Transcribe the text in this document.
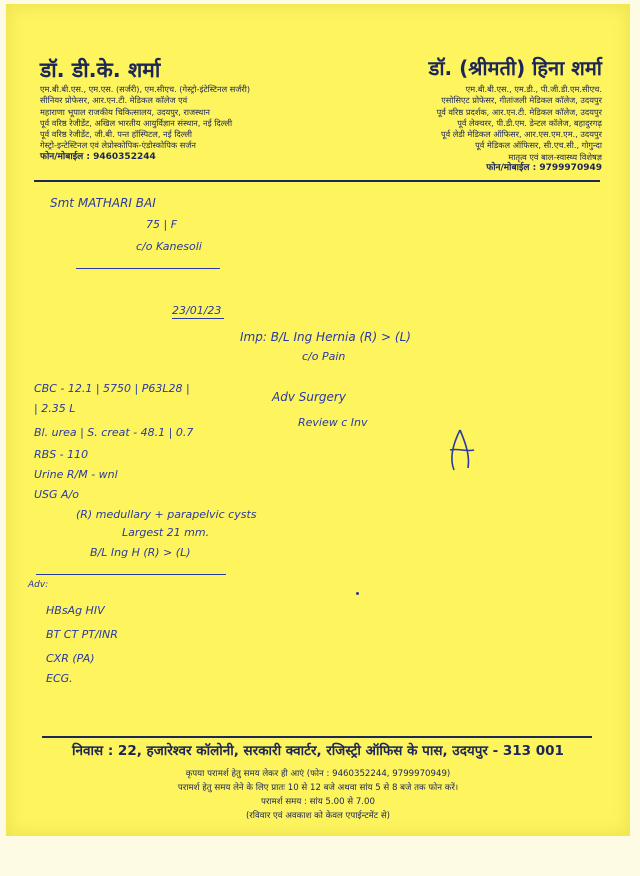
डॉ. डी.के. शर्मा
एम.बी.बी.एस., एम.एस. (सर्जरी), एम.सीएच. (गेस्ट्रो-इंटेस्टिनल सर्जरी)
सीनियर प्रोफेसर, आर.एन.टी. मेडिकल कॉलेज एवं
महाराणा भूपाल राजकीय चिकित्सालय, उदयपुर, राजस्थान
पूर्व वरिष्ठ रेजीडेंट, अखिल भारतीय आयुर्विज्ञान संस्थान, नई दिल्ली
पूर्व वरिष्ठ रेजीडेंट, जी.बी. पन्त हॉस्पिटल, नई दिल्ली
गेस्ट्रो-इन्टेस्टिनल एवं लेप्रोस्कोपिक-एंडोस्कोपिक सर्जन
फोन/मोबाईल : 9460352244
डॉ. (श्रीमती) हिना शर्मा
एम.बी.बी.एस., एम.डी., पी.जी.डी.एम.सीएच.
एसोसिएट प्रोफेसर, गीतांजली मेडिकल कॉलेज, उदयपुर
पूर्व वरिष्ठ प्रदर्शक, आर.एन.टी. मेडिकल कॉलेज, उदयपुर
पूर्व लेक्चरर, पी.डी.एम. डेन्टल कॉलेज, बहादुरगढ़
पूर्व लेडी मेडिकल ऑफिसर, आर.एस.एम.एम., उदयपुर
पूर्व मेडिकल ऑफिसर, सी.एच.सी., गोगुन्दा
मातृत्व एवं बाल-स्वास्थ्य विशेषज्ञ
फोन/मोबाईल : 9799970949
Smt MATHARI BAI
75 | F
c/o Kanesoli
23/01/23
Imp: B/L Ing Hernia (R) > (L)
c/o Pain
Adv Surgery
Review c Inv
CBC - 12.1 | 5750 | P63L28 |
| 2.35 L
Bl. urea | S. creat - 48.1 | 0.7
RBS - 110
Urine R/M - wnl
USG A/o
(R) medullary + parapelvic cysts
Largest 21 mm.
B/L Ing H (R) > (L)
Adv:
HBsAg HIV
BT CT PT/INR
CXR (PA)
ECG.
निवास : 22, हजारेश्वर कॉलोनी, सरकारी क्वार्टर, रजिस्ट्री ऑफिस के पास, उदयपुर - 313 001
कृपया परामर्श हेतु समय लेकर ही आएं (फोन : 9460352244, 9799970949)
परामर्श हेतु समय लेने के लिए प्रातः 10 से 12 बजे अथवा सांय 5 से 8 बजे तक फोन करें।
परामर्श समय : सांय 5.00 से 7.00
(रविवार एवं अवकाश को केवल एपाईन्टमेंट से)
